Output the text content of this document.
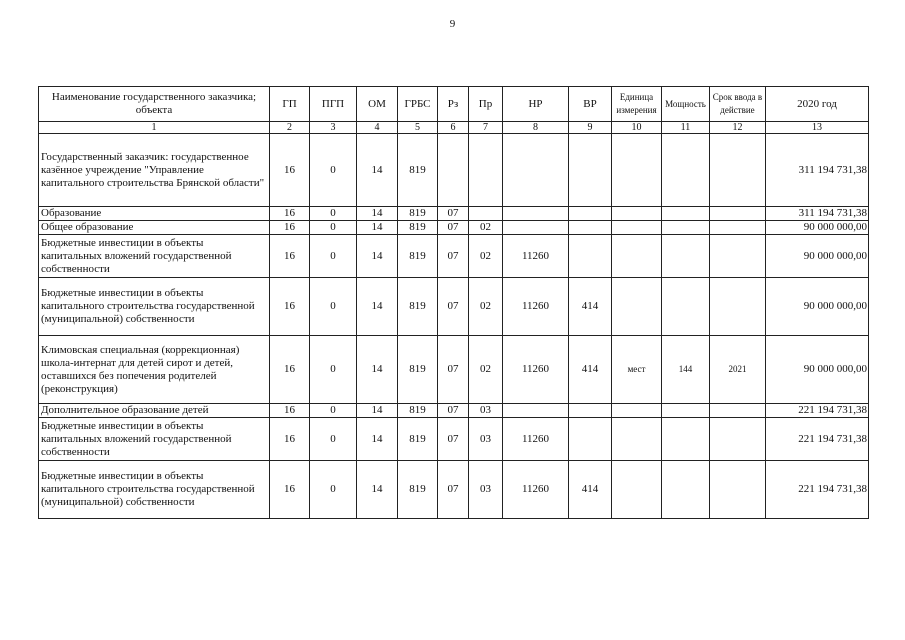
9
Наименование государственного заказчика; объекта	ГП	ПГП	ОМ	ГРБС	Рз	Пр	НР	ВР	Единица измерения	Мощность	Срок ввода в действие	2020 год
1	2	3	4	5	6	7	8	9	10	11	12	13
Государственный заказчик: государственное казённое учреждение "Управление капитального строительства Брянской области"	16	0	14	819								311 194 731,38
Образование	16	0	14	819	07							311 194 731,38
Общее образование	16	0	14	819	07	02						90 000 000,00
Бюджетные инвестиции в объекты капитальных вложений государственной собственности	16	0	14	819	07	02	11260					90 000 000,00
Бюджетные инвестиции в объекты капитального строительства государственной (муниципальной) собственности	16	0	14	819	07	02	11260	414				90 000 000,00
Климовская специальная (коррекционная) школа-интернат для детей сирот и детей, оставшихся без попечения родителей (реконструкция)	16	0	14	819	07	02	11260	414	мест	144	2021	90 000 000,00
Дополнительное образование детей	16	0	14	819	07	03						221 194 731,38
Бюджетные инвестиции в объекты капитальных вложений государственной собственности	16	0	14	819	07	03	11260					221 194 731,38
Бюджетные инвестиции в объекты капитального строительства государственной (муниципальной) собственности	16	0	14	819	07	03	11260	414				221 194 731,38
